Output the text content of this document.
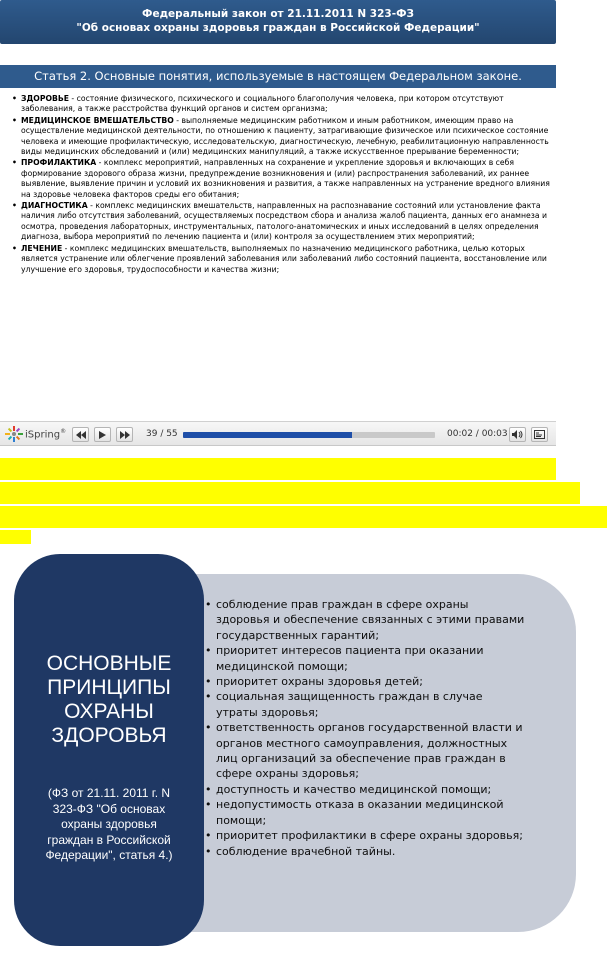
Федеральный закон от 21.11.2011 N 323-ФЗ
"Об основах охраны здоровья граждан в Российской Федерации"
Статья 2. Основные понятия, используемые в настоящем Федеральном законе.
• ЗДОРОВЬЕ - состояние физического, психического и социального благополучия человека, при котором отсутствуют заболевания, а также расстройства функций органов и систем организма;
• МЕДИЦИНСКОЕ ВМЕШАТЕЛЬСТВО - выполняемые медицинским работником и иным работником, имеющим право на осуществление медицинской деятельности, по отношению к пациенту, затрагивающие физическое или психическое состояние человека и имеющие профилактическую, исследовательскую, диагностическую, лечебную, реабилитационную направленность виды медицинских обследований и (или) медицинских манипуляций, а также искусственное прерывание беременности;
• ПРОФИЛАКТИКА - комплекс мероприятий, направленных на сохранение и укрепление здоровья и включающих в себя формирование здорового образа жизни, предупреждение возникновения и (или) распространения заболеваний, их раннее выявление, выявление причин и условий их возникновения и развития, а также направленных на устранение вредного влияния на здоровье человека факторов среды его обитания;
• ДИАГНОСТИКА - комплекс медицинских вмешательств, направленных на распознавание состояний или установление факта наличия либо отсутствия заболеваний, осуществляемых посредством сбора и анализа жалоб пациента, данных его анамнеза и осмотра, проведения лабораторных, инструментальных, патолого-анатомических и иных исследований в целях определения диагноза, выбора мероприятий по лечению пациента и (или) контроля за осуществлением этих мероприятий;
• ЛЕЧЕНИЕ - комплекс медицинских вмешательств, выполняемых по назначению медицинского работника, целью которых является устранение или облегчение проявлений заболевания или заболеваний либо состояний пациента, восстановление или улучшение его здоровья, трудоспособности и качества жизни;
iSpring®	39 / 55	00:02 / 00:03
ОСНОВНЫЕ
ПРИНЦИПЫ
ОХРАНЫ
ЗДОРОВЬЯ
(ФЗ от 21.11. 2011 г. N
323-ФЗ "Об основах
охраны здоровья
граждан в Российской
Федерации", статья 4.)
• соблюдение прав граждан в сфере охраны здоровья и обеспечение связанных с этими правами государственных гарантий;
• приоритет интересов пациента при оказании медицинской помощи;
• приоритет охраны здоровья детей;
• социальная защищенность граждан в случае утраты здоровья;
• ответственность органов государственной власти и органов местного самоуправления, должностных лиц организаций за обеспечение прав граждан в сфере охраны здоровья;
• доступность и качество медицинской помощи;
• недопустимость отказа в оказании медицинской помощи;
• приоритет профилактики в сфере охраны здоровья;
• соблюдение врачебной тайны.
